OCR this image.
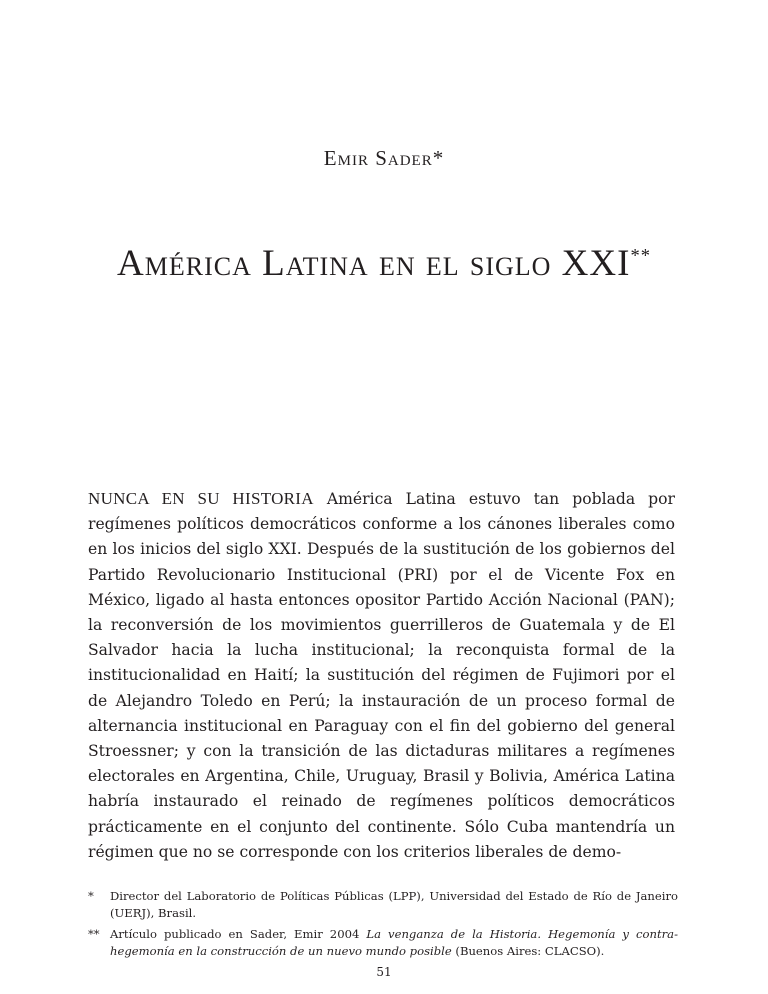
Emir Sader*
América Latina en el siglo XXI**

NUNCA EN SU HISTORIA América Latina estuvo tan poblada por regímenes políticos democráticos conforme a los cánones liberales como en los inicios del siglo XXI. Después de la sustitución de los gobiernos del Partido Revolucionario Institucional (PRI) por el de Vicente Fox en México, ligado al hasta entonces opositor Partido Acción Nacional (PAN); la reconversión de los movimientos guerrilleros de Guatemala y de El Salvador hacia la lucha institucional; la reconquista formal de la institucionalidad en Haití; la sustitución del régimen de Fujimori por el de Alejandro Toledo en Perú; la instauración de un proceso formal de alternancia institucional en Paraguay con el fin del gobierno del general Stroessner; y con la transición de las dictaduras militares a regímenes electorales en Argentina, Chile, Uruguay, Brasil y Bolivia, América Latina habría instaurado el reinado de regímenes políticos democráticos prácticamente en el conjunto del continente. Sólo Cuba mantendría un régimen que no se corresponde con los criterios liberales de demo-

* Director del Laboratorio de Políticas Públicas (LPP), Universidad del Estado de Río de Janeiro (UERJ), Brasil.
** Artículo publicado en Sader, Emir 2004 La venganza de la Historia. Hegemonía y contra-hegemonía en la construcción de un nuevo mundo posible (Buenos Aires: CLACSO).
51
